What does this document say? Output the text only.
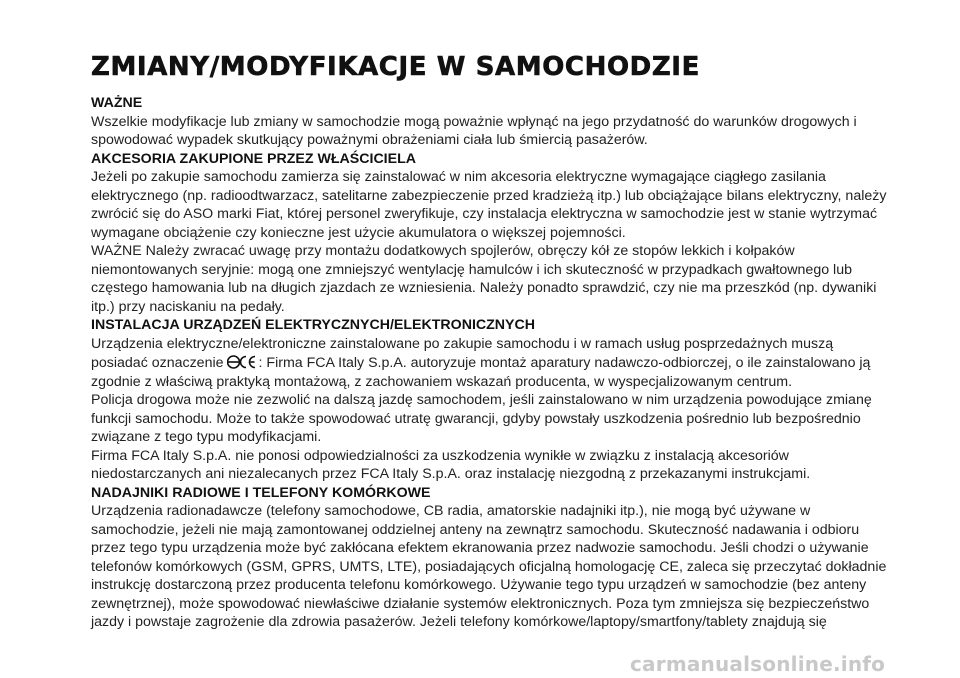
ZMIANY/MODYFIKACJE W SAMOCHODZIE
WAŻNE

Wszelkie modyfikacje lub zmiany w samochodzie mogą poważnie wpłynąć na jego przydatność do warunków drogowych i spowodować wypadek skutkujący poważnymi obrażeniami ciała lub śmiercią pasażerów.

AKCESORIA ZAKUPIONE PRZEZ WŁAŚCICIELA

Jeżeli po zakupie samochodu zamierza się zainstalować w nim akcesoria elektryczne wymagające ciągłego zasilania elektrycznego (np. radioodtwarzacz, satelitarne zabezpieczenie przed kradzieżą itp.) lub obciążające bilans elektryczny, należy zwrócić się do ASO marki Fiat, której personel zweryfikuje, czy instalacja elektryczna w samochodzie jest w stanie wytrzymać wymagane obciążenie czy konieczne jest użycie akumulatora o większej pojemności.

WAŻNE Należy zwracać uwagę przy montażu dodatkowych spojlerów, obręczy kół ze stopów lekkich i kołpaków niemontowanych seryjnie: mogą one zmniejszyć wentylację hamulców i ich skuteczność w przypadkach gwałtownego lub częstego hamowania lub na długich zjazdach ze wzniesienia. Należy ponadto sprawdzić, czy nie ma przeszkód (np. dywaniki itp.) przy naciskaniu na pedały.

INSTALACJA URZĄDZEŃ ELEKTRYCZNYCH/ELEKTRONICZNYCH

Urządzenia elektryczne/elektroniczne zainstalowane po zakupie samochodu i w ramach usług posprzedażnych muszą posiadać oznaczenie : Firma FCA Italy S.p.A. autoryzuje montaż aparatury nadawczo-odbiorczej, o ile zainstalowano ją zgodnie z właściwą praktyką montażową, z zachowaniem wskazań producenta, w wyspecjalizowanym centrum.

Policja drogowa może nie zezwolić na dalszą jazdę samochodem, jeśli zainstalowano w nim urządzenia powodujące zmianę funkcji samochodu. Może to także spowodować utratę gwarancji, gdyby powstały uszkodzenia pośrednio lub bezpośrednio związane z tego typu modyfikacjami.

Firma FCA Italy S.p.A. nie ponosi odpowiedzialności za uszkodzenia wynikłe w związku z instalacją akcesoriów niedostarczanych ani niezalecanych przez FCA Italy S.p.A. oraz instalację niezgodną z przekazanymi instrukcjami.

NADAJNIKI RADIOWE I TELEFONY KOMÓRKOWE

Urządzenia radionadawcze (telefony samochodowe, CB radia, amatorskie nadajniki itp.), nie mogą być używane w samochodzie, jeżeli nie mają zamontowanej oddzielnej anteny na zewnątrz samochodu. Skuteczność nadawania i odbioru przez tego typu urządzenia może być zakłócana efektem ekranowania przez nadwozie samochodu. Jeśli chodzi o używanie telefonów komórkowych (GSM, GPRS, UMTS, LTE), posiadających oficjalną homologację CE, zaleca się przeczytać dokładnie instrukcję dostarczoną przez producenta telefonu komórkowego. Używanie tego typu urządzeń w samochodzie (bez anteny zewnętrznej), może spowodować niewłaściwe działanie systemów elektronicznych. Poza tym zmniejsza się bezpieczeństwo jazdy i powstaje zagrożenie dla zdrowia pasażerów. Jeżeli telefony komórkowe/laptopy/smartfony/tablety znajdują się

carmanualsonline.info
